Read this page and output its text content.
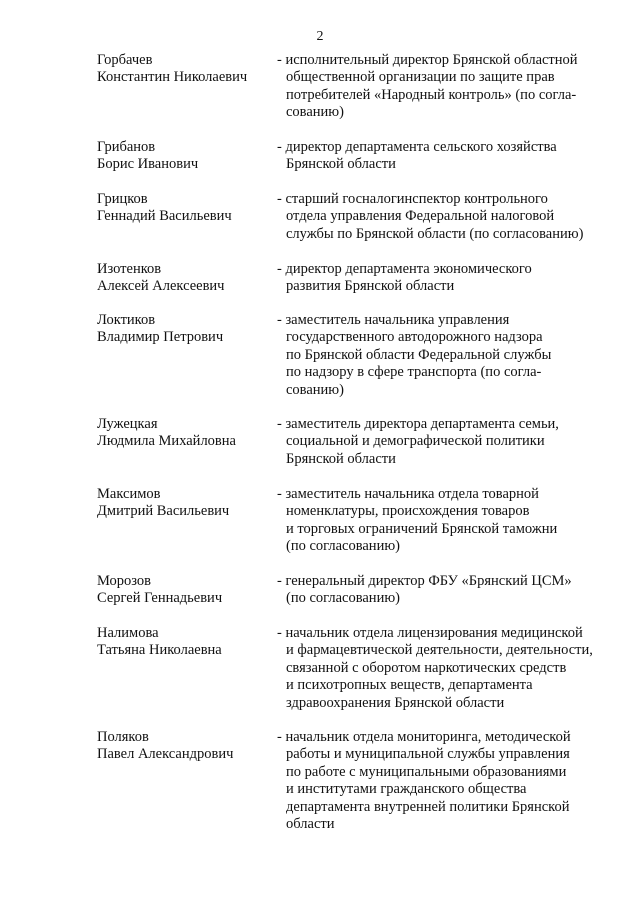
2
Горбачев
Константин Николаевич
- исполнительный директор Брянской областной
общественной организации по защите прав
потребителей «Народный контроль» (по согла-
сованию)
Грибанов
Борис Иванович
- директор департамента сельского хозяйства
Брянской области
Грицков
Геннадий Васильевич
- старший госналогинспектор контрольного
отдела управления Федеральной налоговой
службы по Брянской области (по согласованию)
Изотенков
Алексей Алексеевич
- директор департамента экономического
развития Брянской области
Локтиков
Владимир Петрович
- заместитель начальника управления
государственного автодорожного надзора
по Брянской области Федеральной службы
по надзору в сфере транспорта (по согла-
сованию)
Лужецкая
Людмила Михайловна
- заместитель директора департамента семьи,
социальной и демографической политики
Брянской области
Максимов
Дмитрий Васильевич
- заместитель начальника отдела товарной
номенклатуры, происхождения товаров
и торговых ограничений Брянской таможни
(по согласованию)
Морозов
Сергей Геннадьевич
- генеральный директор ФБУ «Брянский ЦСМ»
(по согласованию)
Налимова
Татьяна Николаевна
- начальник отдела лицензирования медицинской
и фармацевтической деятельности, деятельности,
связанной с оборотом наркотических средств
и психотропных веществ, департамента
здравоохранения Брянской области
Поляков
Павел Александрович
- начальник отдела мониторинга, методической
работы и муниципальной службы управления
по работе с муниципальными образованиями
и институтами гражданского общества
департамента внутренней политики Брянской
области
